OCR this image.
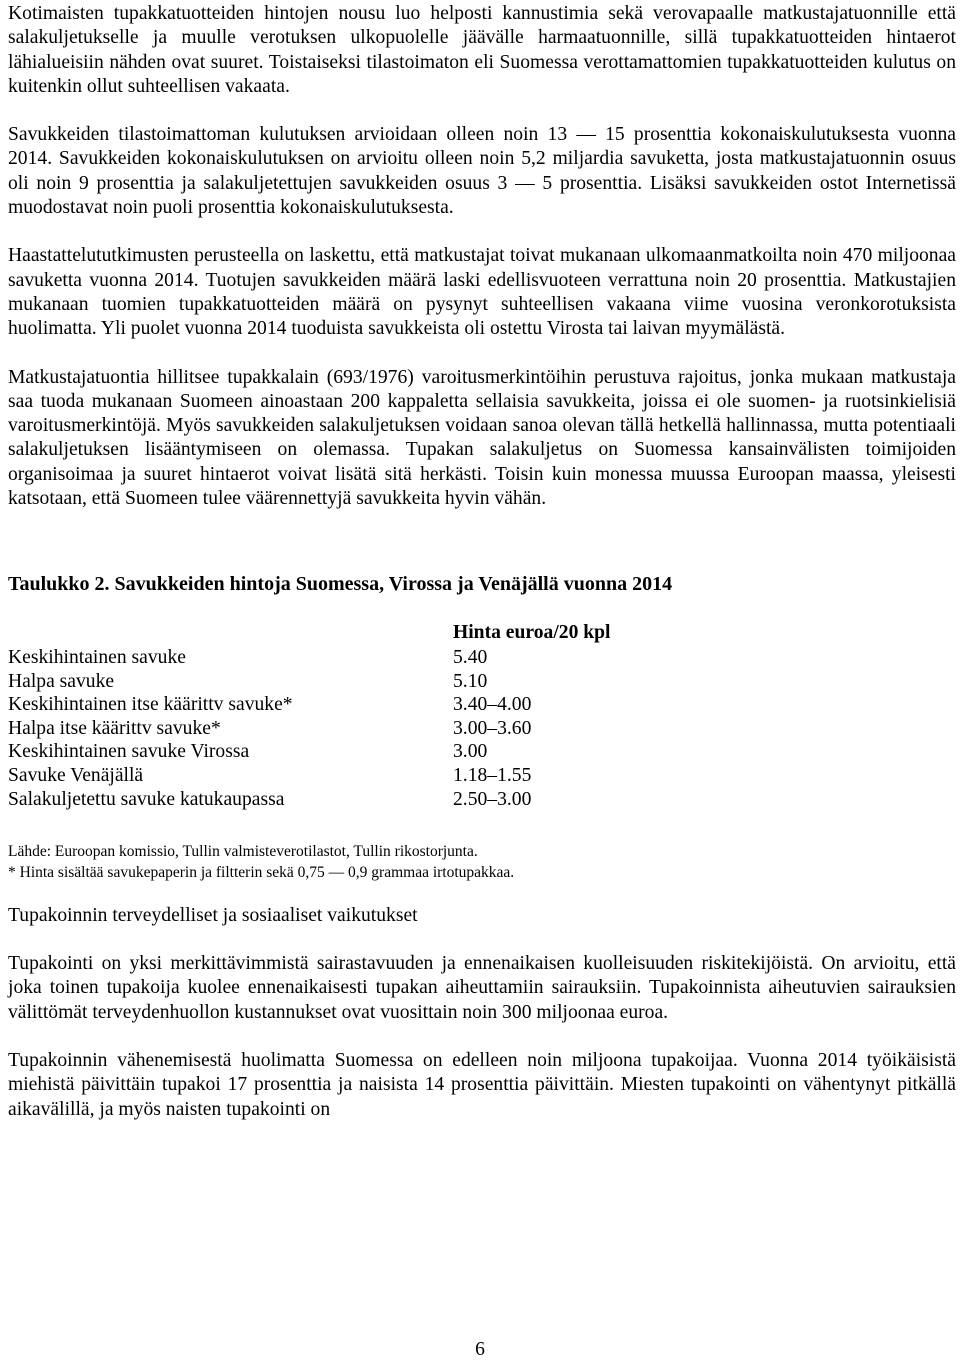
Kotimaisten tupakkatuotteiden hintojen nousu luo helposti kannustimia sekä verovapaalle matkustajatuonnille että salakuljetukselle ja muulle verotuksen ulkopuolelle jäävälle harmaatuonnille, sillä tupakkatuotteiden hintaerot lähialueisiin nähden ovat suuret. Toistaiseksi tilastoimaton eli Suomessa verottamattomien tupakkatuotteiden kulutus on kuitenkin ollut suhteellisen vakaata.

Savukkeiden tilastoimattoman kulutuksen arvioidaan olleen noin 13 — 15 prosenttia kokonaiskulutuksesta vuonna 2014. Savukkeiden kokonaiskulutuksen on arvioitu olleen noin 5,2 miljardia savuketta, josta matkustajatuonnin osuus oli noin 9 prosenttia ja salakuljetettujen savukkeiden osuus 3 — 5 prosenttia. Lisäksi savukkeiden ostot Internetissä muodostavat noin puoli prosenttia kokonaiskulutuksesta.

Haastattelututkimusten perusteella on laskettu, että matkustajat toivat mukanaan ulkomaanmatkoilta noin 470 miljoonaa savuketta vuonna 2014. Tuotujen savukkeiden määrä laski edellisvuoteen verrattuna noin 20 prosenttia. Matkustajien mukanaan tuomien tupakkatuotteiden määrä on pysynyt suhteellisen vakaana viime vuosina veronkorotuksista huolimatta. Yli puolet vuonna 2014 tuoduista savukkeista oli ostettu Virosta tai laivan myymälästä.

Matkustajatuontia hillitsee tupakkalain (693/1976) varoitusmerkintöihin perustuva rajoitus, jonka mukaan matkustaja saa tuoda mukanaan Suomeen ainoastaan 200 kappaletta sellaisia savukkeita, joissa ei ole suomen- ja ruotsinkielisiä varoitusmerkintöjä. Myös savukkeiden salakuljetuksen voidaan sanoa olevan tällä hetkellä hallinnassa, mutta potentiaali salakuljetuksen lisääntymiseen on olemassa. Tupakan salakuljetus on Suomessa kansainvälisten toimijoiden organisoimaa ja suuret hintaerot voivat lisätä sitä herkästi. Toisin kuin monessa muussa Euroopan maassa, yleisesti katsotaan, että Suomeen tulee väärennettyjä savukkeita hyvin vähän.

Taulukko 2. Savukkeiden hintoja Suomessa, Virossa ja Venäjällä vuonna 2014
	Hinta euroa/20 kpl
Keskihintainen savuke	5.40
Halpa savuke	5.10
Keskihintainen itse käärittv savuke*	3.40–4.00
Halpa itse käärittv savuke*	3.00–3.60
Keskihintainen savuke Virossa	3.00
Savuke Venäjällä	1.18–1.55
Salakuljetettu savuke katukaupassa	2.50–3.00
Lähde: Euroopan komissio, Tullin valmisteverotilastot, Tullin rikostorjunta.
* Hinta sisältää savukepaperin ja filtterin sekä 0,75 — 0,9 grammaa irtotupakkaa.
Tupakoinnin terveydelliset ja sosiaaliset vaikutukset

Tupakointi on yksi merkittävimmistä sairastavuuden ja ennenaikaisen kuolleisuuden riskitekijöistä. On arvioitu, että joka toinen tupakoija kuolee ennenaikaisesti tupakan aiheuttamiin sairauksiin. Tupakoinnista aiheutuvien sairauksien välittömät terveydenhuollon kustannukset ovat vuosittain noin 300 miljoonaa euroa.

Tupakoinnin vähenemisestä huolimatta Suomessa on edelleen noin miljoona tupakoijaa. Vuonna 2014 työikäisistä miehistä päivittäin tupakoi 17 prosenttia ja naisista 14 prosenttia päivittäin. Miesten tupakointi on vähentynyt pitkällä aikavälillä, ja myös naisten tupakointi on

6
